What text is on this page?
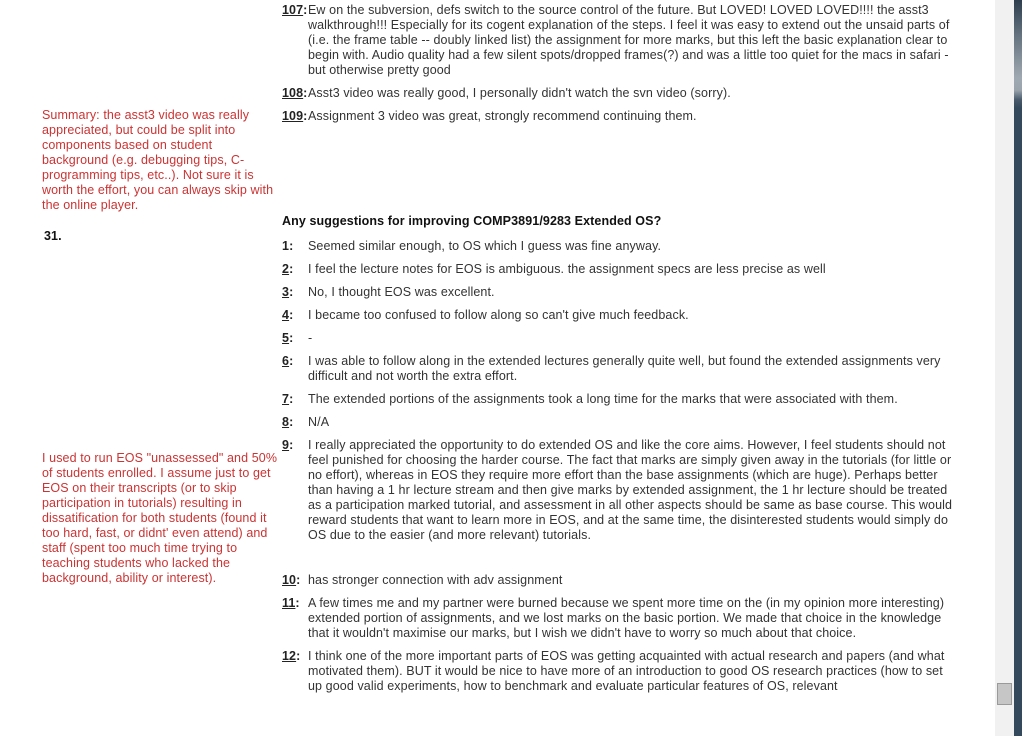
Summary: the asst3 video was really appreciated, but could be split into components based on student background (e.g. debugging tips, C-programming tips, etc..). Not sure it is worth the effort, you can always skip with the online player.
I used to run EOS "unassessed" and 50% of students enrolled. I assume just to get EOS on their transcripts (or to skip participation in tutorials) resulting in dissatification for both students (found it too hard, fast, or didnt' even attend) and staff (spent too much time trying to teaching students who lacked the background, ability or interest).
31.
107: Ew on the subversion, defs switch to the source control of the future. But LOVED! LOVED LOVED!!!! the asst3 walkthrough!!! Especially for its cogent explanation of the steps. I feel it was easy to extend out the unsaid parts of (i.e. the frame table -- doubly linked list) the assignment for more marks, but this left the basic explanation clear to begin with. Audio quality had a few silent spots/dropped frames(?) and was a little too quiet for the macs in safari - but otherwise pretty good
108: Asst3 video was really good, I personally didn't watch the svn video (sorry).
109: Assignment 3 video was great, strongly recommend continuing them.
Any suggestions for improving COMP3891/9283 Extended OS?
1:	Seemed similar enough, to OS which I guess was fine anyway.
2:	I feel the lecture notes for EOS is ambiguous. the assignment specs are less precise as well
3:	No, I thought EOS was excellent.
4:	I became too confused to follow along so can't give much feedback.
5:	-
6:	I was able to follow along in the extended lectures generally quite well, but found the extended assignments very difficult and not worth the extra effort.
7:	The extended portions of the assignments took a long time for the marks that were associated with them.
8:	N/A
9:	I really appreciated the opportunity to do extended OS and like the core aims. However, I feel students should not feel punished for choosing the harder course. The fact that marks are simply given away in the tutorials (for little or no effort), whereas in EOS they require more effort than the base assignments (which are huge). Perhaps better than having a 1 hr lecture stream and then give marks by extended assignment, the 1 hr lecture should be treated as a participation marked tutorial, and assessment in all other aspects should be same as base course. This would reward students that want to learn more in EOS, and at the same time, the disinterested students would simply do OS due to the easier (and more relevant) tutorials.
10: has stronger connection with adv assignment
11: A few times me and my partner were burned because we spent more time on the (in my opinion more interesting) extended portion of assignments, and we lost marks on the basic portion. We made that choice in the knowledge that it wouldn't maximise our marks, but I wish we didn't have to worry so much about that choice.
12: I think one of the more important parts of EOS was getting acquainted with actual research and papers (and what motivated them). BUT it would be nice to have more of an introduction to good OS research practices (how to set up good valid experiments, how to benchmark and evaluate particular features of OS, relevant
